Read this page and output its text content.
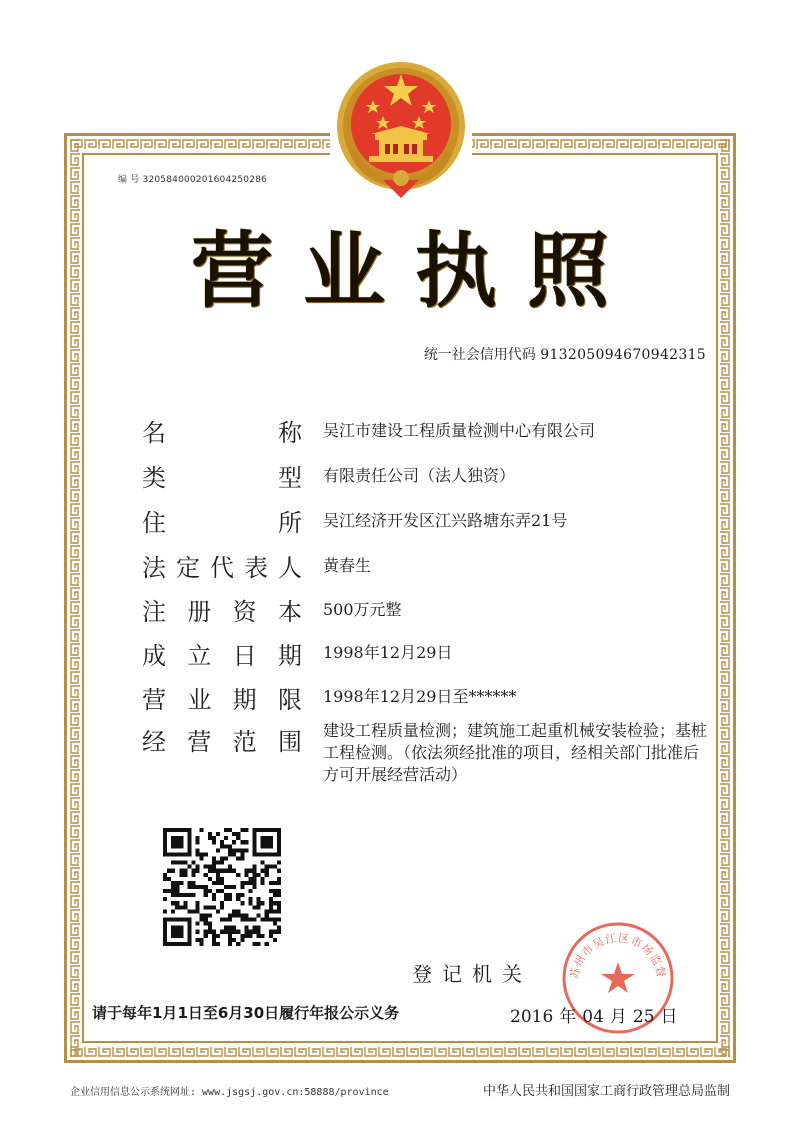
编 号 320584000201604250286
营业执照
统一社会信用代码 913205094670942315
名	称 吴江市建设工程质量检测中心有限公司
类	型 有限责任公司（法人独资）
住	所 吴江经济开发区江兴路塘东弄21号
法 定 代 表 人 黄春生
注 册 资 本 500万元整
成 立 日 期 1998年12月29日
营 业 期 限 1998年12月29日至******
经 营 范 围 建设工程质量检测；建筑施工起重机械安装检验；基桩工程检测。（依法须经批准的项目，经相关部门批准后方可开展经营活动）
登记机关	苏州市吴江区市场监督
请于每年1月1日至6月30日履行年报公示义务	2016 年 04 月 25 日
企业信用信息公示系统网址: www.jsgsj.gov.cn:58888/province	中华人民共和国国家工商行政管理总局监制
